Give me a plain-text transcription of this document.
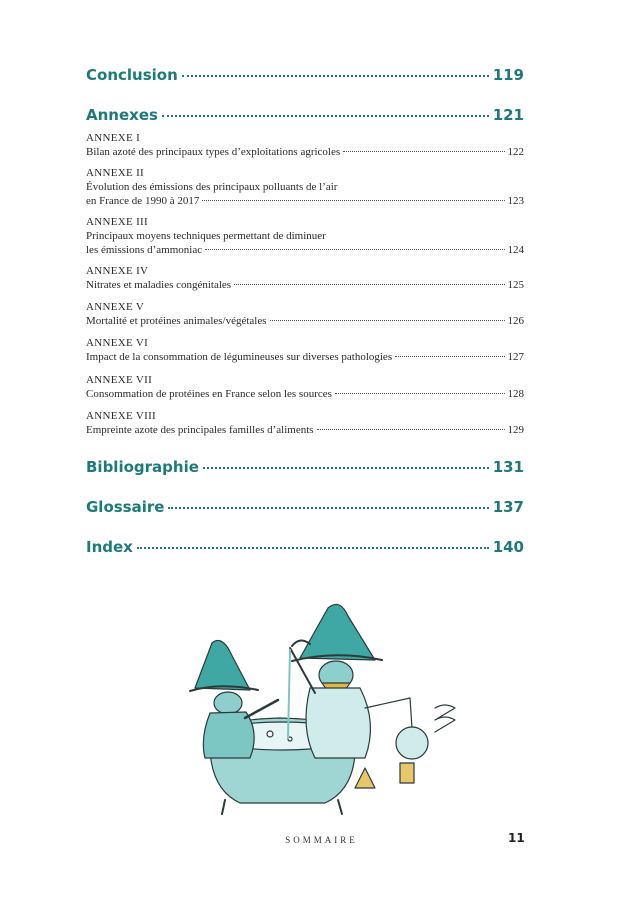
Conclusion	119
Annexes	121
ANNEXE I
Bilan azoté des principaux types d’exploitations agricoles	122
ANNEXE II
Évolution des émissions des principaux polluants de l’air
en France de 1990 à 2017	123
ANNEXE III
Principaux moyens techniques permettant de diminuer
les émissions d’ammoniac	124
ANNEXE IV
Nitrates et maladies congénitales	125
ANNEXE V
Mortalité et protéines animales/végétales	126
ANNEXE VI
Impact de la consommation de légumineuses sur diverses pathologies	127
ANNEXE VII
Consommation de protéines en France selon les sources	128
ANNEXE VIII
Empreinte azote des principales familles d’aliments	129
Bibliographie	131
Glossaire	137
Index	140
SOMMAIRE	11
